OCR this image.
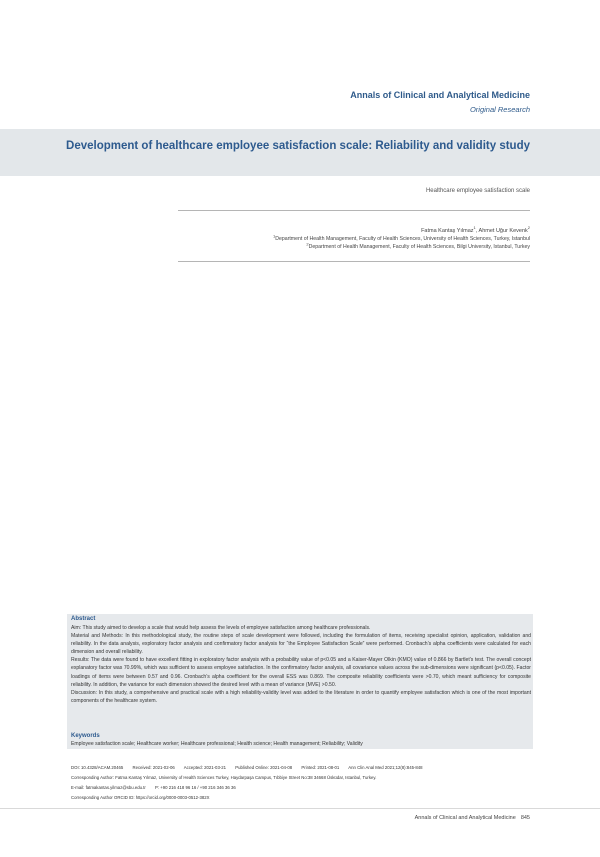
Annals of Clinical and Analytical Medicine
Original Research
Development of healthcare employee satisfaction scale: Reliability and validity study
Healthcare employee satisfaction scale
Fatma Kantaş Yılmaz$^1$, Ahmet Uğur Kevenk$^2$
$^1$Department of Health Management, Faculty of Health Sciences, University of Health Sciences, Turkey, Istanbul
$^2$Department of Health Management, Faculty of Health Sciences, Bilgi University, Istanbul, Turkey
Abstract

Aim: This study aimed to develop a scale that would help assess the levels of employee satisfaction among healthcare professionals.

Material and Methods: In this methodological study, the routine steps of scale development were followed, including the formulation of items, receiving specialist opinion, application, validation and reliability. In the data analysis, exploratory factor analysis and confirmatory factor analysis for “the Employee Satisfaction Scale” were performed. Cronbach’s alpha coefficients were calculated for each dimension and overall reliability.

Results: The data were found to have excellent fitting in exploratory factor analysis with a probability value of p<0.05 and a Kaiser-Mayer Olkin (KMO) value of 0.866 by Bartlet’s test. The overall concept explanatory factor was 70.99%, which was sufficient to assess employee satisfaction. In the confirmatory factor analysis, all covariance values across the sub-dimensions were significant (p<0.05). Factor loadings of items were between 0.57 and 0.96. Cronbach’s alpha coefficient for the overall ESS was 0.869. The composite reliability coefficients were >0.70, which meant sufficiency for composite reliability. In addition, the variance for each dimension showed the desired level with a mean of variance (MVE) >0.50.

Discussion: In this study, a comprehensive and practical scale with a high reliability-validity level was added to the literature in order to quantify employee satisfaction which is one of the most important components of the healthcare system.

Keywords
Employee satisfaction scale; Healthcare worker; Healthcare professional; Health science; Health management; Reliability; Validity
DOI: 10.4328/ACAM.20465 Received: 2021-02-06 Accepted: 2021-03-21 Published Online: 2021-04-08 Printed: 2021-08-01 Ann Clin Anal Med 2021;12(8):845-848
Corresponding Author: Fatma Kantaş Yılmaz, University of Health Sciences Turkey, Haydarpaşa Campus, Tıbbiye Street No:38 34668 Üsküdar, Istanbul, Turkey.
E-mail: fatmakantas.yilmaz@sbu.edu.tr P: +90 216 418 96 16 / +90 216 346 36 36
Corresponding Author ORCID ID: https://orcid.org/0000-0003-0512-382X
Annals of Clinical and Analytical Medicine 845
